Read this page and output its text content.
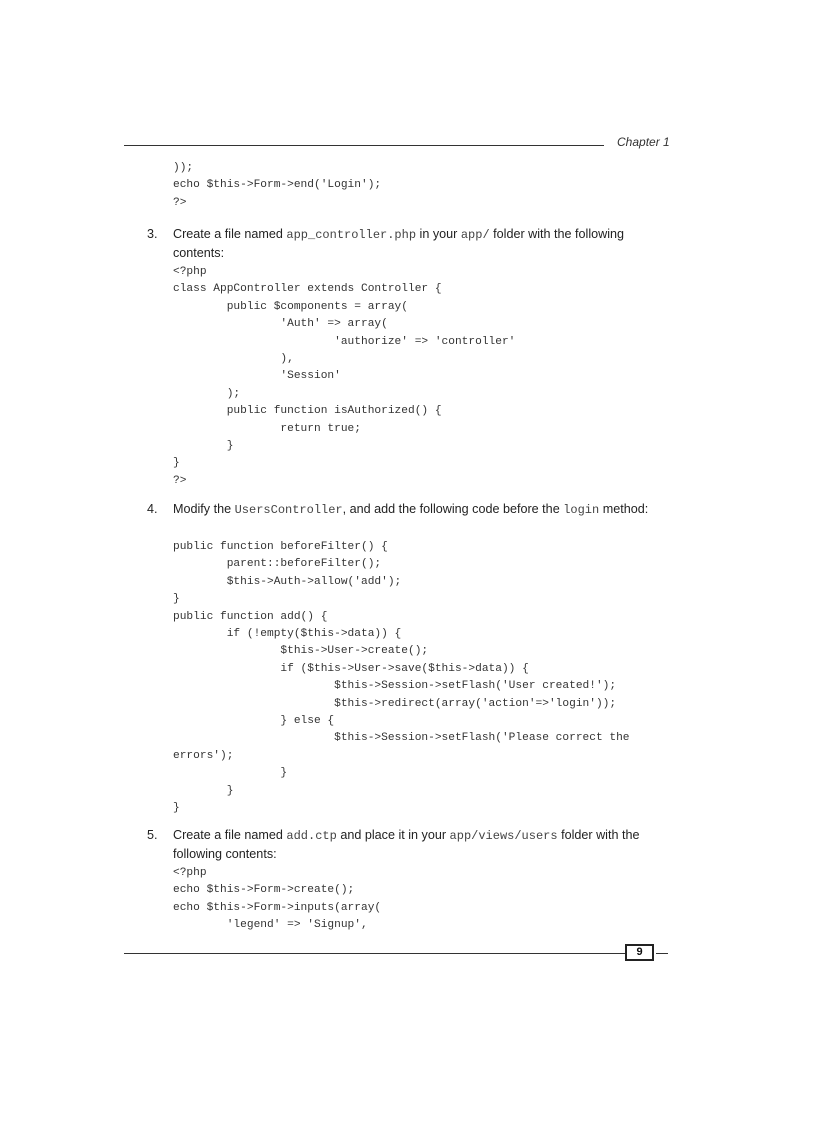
Chapter 1
));
echo $this->Form->end('Login');
?>
3. Create a file named app_controller.php in your app/ folder with the following contents:
<?php
class AppController extends Controller {
public $components = array(
'Auth' => array(
'authorize' => 'controller'
),
'Session'
);
public function isAuthorized() {
return true;
}
}
?>
4. Modify the UsersController, and add the following code before the login method:
public function beforeFilter() {
parent::beforeFilter();
$this->Auth->allow('add');
}
public function add() {
if (!empty($this->data)) {
$this->User->create();
if ($this->User->save($this->data)) {
$this->Session->setFlash('User created!');
$this->redirect(array('action'=>'login'));
} else {
$this->Session->setFlash('Please correct the
errors');
}
}
}
5. Create a file named add.ctp and place it in your app/views/users folder with the following contents:
<?php
echo $this->Form->create();
echo $this->Form->inputs(array(
'legend' => 'Signup',
9
